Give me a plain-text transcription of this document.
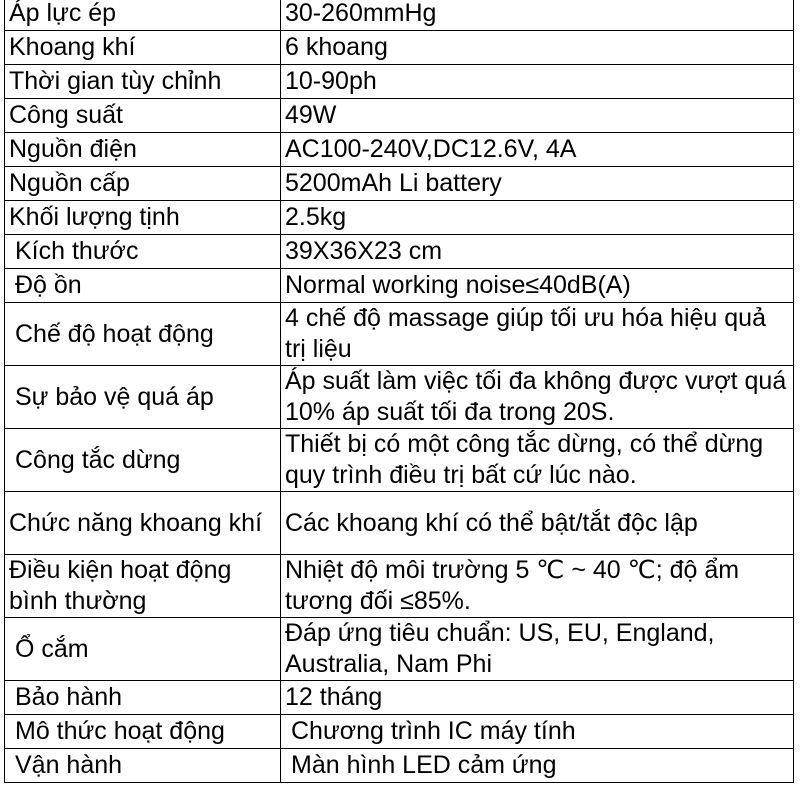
Áp lực ép	30-260mmHg
Khoang khí	6 khoang
Thời gian tùy chỉnh	10-90ph
Công suất	49W
Nguồn điện	AC100-240V,DC12.6V, 4A
Nguồn cấp	5200mAh Li battery
Khối lượng tịnh	2.5kg
Kích thước	39X36X23 cm
Độ ồn	Normal working noise≤40dB(A)
Chế độ hoạt động	4 chế độ massage giúp tối ưu hóa hiệu quả trị liệu
Sự bảo vệ quá áp	Áp suất làm việc tối đa không được vượt quá 10% áp suất tối đa trong 20S.
Công tắc dừng	Thiết bị có một công tắc dừng, có thể dừng quy trình điều trị bất cứ lúc nào.
Chức năng khoang khí	Các khoang khí có thể bật/tắt độc lập
Điều kiện hoạt động bình thường	Nhiệt độ môi trường 5 ℃ ~ 40 ℃; độ ẩm tương đối ≤85%.
Ổ cắm	Đáp ứng tiêu chuẩn: US, EU, England, Australia, Nam Phi
Bảo hành	12 tháng
Mô thức hoạt động	Chương trình IC máy tính
Vận hành	Màn hình LED cảm ứng
